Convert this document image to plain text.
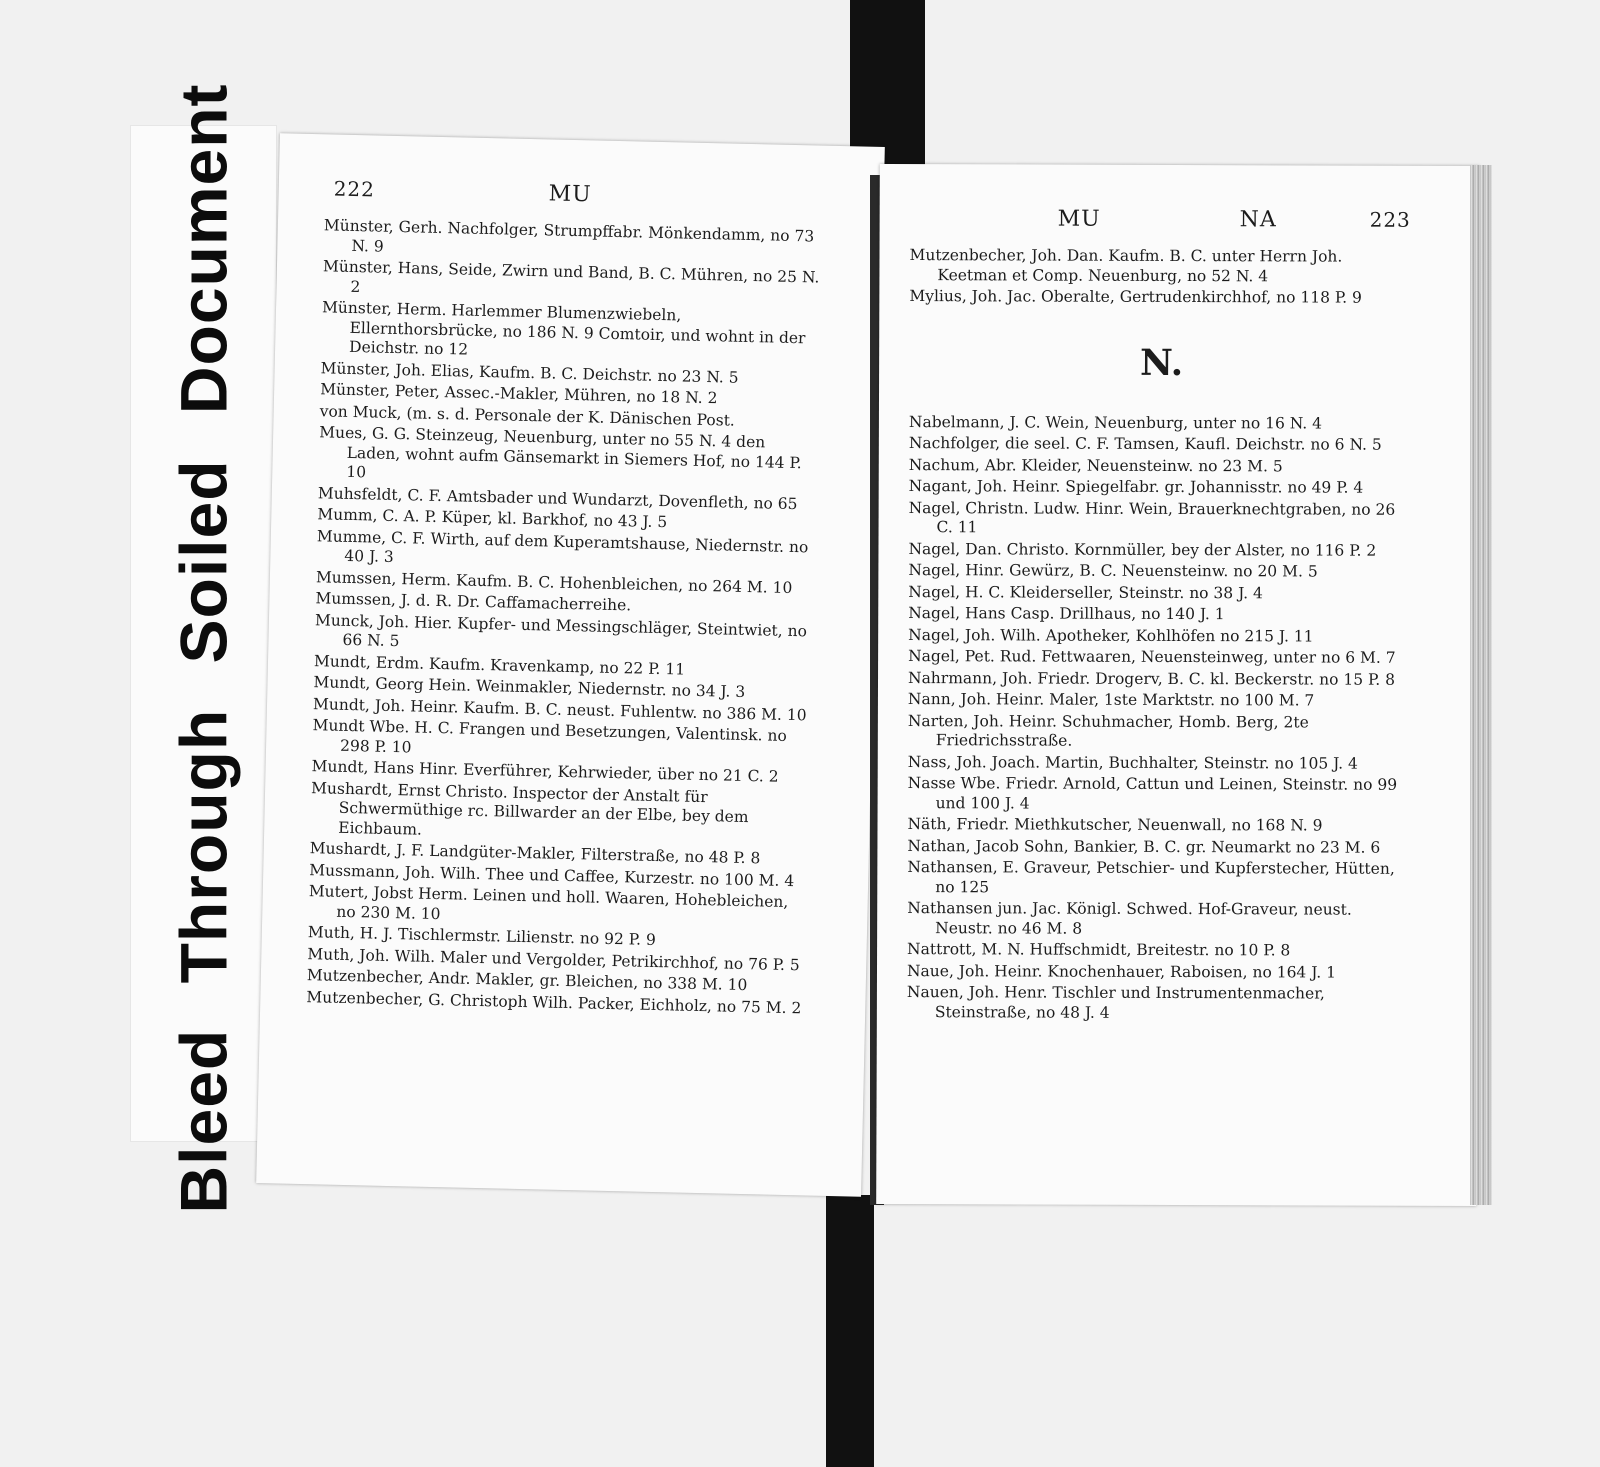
Bleed Through Soiled Document	222	MU
Münster, Gerh. Nachfolger, Strumpffabr. Mönkendamm, no 73 N. 9
Münster, Hans, Seide, Zwirn und Band, B. C. Mühren, no 25 N. 2
Münster, Herm. Harlemmer Blumenzwiebeln, Ellernthorsbrücke, no 186 N. 9 Comtoir, und wohnt in der Deichstr. no 12
Münster, Joh. Elias, Kaufm. B. C. Deichstr. no 23 N. 5
Münster, Peter, Assec.-Makler, Mühren, no 18 N. 2
von Muck, (m. s. d. Personale der K. Dänischen Post.
Mues, G. G. Steinzeug, Neuenburg, unter no 55 N. 4 den Laden, wohnt aufm Gänsemarkt in Siemers Hof, no 144 P. 10
Muhsfeldt, C. F. Amtsbader und Wundarzt, Dovenfleth, no 65
Mumm, C. A. P. Küper, kl. Barkhof, no 43 J. 5
Mumme, C. F. Wirth, auf dem Kuperamtshause, Niedernstr. no 40 J. 3
Mumssen, Herm. Kaufm. B. C. Hohenbleichen, no 264 M. 10
Mumssen, J. d. R. Dr. Caffamacherreihe.
Munck, Joh. Hier. Kupfer- und Messingschläger, Steintwiet, no 66 N. 5
Mundt, Erdm. Kaufm. Kravenkamp, no 22 P. 11
Mundt, Georg Hein. Weinmakler, Niedernstr. no 34 J. 3
Mundt, Joh. Heinr. Kaufm. B. C. neust. Fuhlentw. no 386 M. 10
Mundt Wbe. H. C. Frangen und Besetzungen, Valentinsk. no 298 P. 10
Mundt, Hans Hinr. Everführer, Kehrwieder, über no 21 C. 2
Mushardt, Ernst Christo. Inspector der Anstalt für Schwermüthige rc. Billwarder an der Elbe, bey dem Eichbaum.
Mushardt, J. F. Landgüter-Makler, Filterstraße, no 48 P. 8
Mussmann, Joh. Wilh. Thee und Caffee, Kurzestr. no 100 M. 4
Mutert, Jobst Herm. Leinen und holl. Waaren, Hohebleichen, no 230 M. 10
Muth, H. J. Tischlermstr. Lilienstr. no 92 P. 9
Muth, Joh. Wilh. Maler und Vergolder, Petrikirchhof, no 76 P. 5
Mutzenbecher, Andr. Makler, gr. Bleichen, no 338 M. 10
Mutzenbecher, G. Christoph Wilh. Packer, Eichholz, no 75 M. 2
MU	NA	223
Mutzenbecher, Joh. Dan. Kaufm. B. C. unter Herrn Joh. Keetman et Comp. Neuenburg, no 52 N. 4
Mylius, Joh. Jac. Oberalte, Gertrudenkirchhof, no 118 P. 9
N.
Nabelmann, J. C. Wein, Neuenburg, unter no 16 N. 4
Nachfolger, die seel. C. F. Tamsen, Kaufl. Deichstr. no 6 N. 5
Nachum, Abr. Kleider, Neuensteinw. no 23 M. 5
Nagant, Joh. Heinr. Spiegelfabr. gr. Johannisstr. no 49 P. 4
Nagel, Christn. Ludw. Hinr. Wein, Brauerknechtgraben, no 26 C. 11
Nagel, Dan. Christo. Kornmüller, bey der Alster, no 116 P. 2
Nagel, Hinr. Gewürz, B. C. Neuensteinw. no 20 M. 5
Nagel, H. C. Kleiderseller, Steinstr. no 38 J. 4
Nagel, Hans Casp. Drillhaus, no 140 J. 1
Nagel, Joh. Wilh. Apotheker, Kohlhöfen no 215 J. 11
Nagel, Pet. Rud. Fettwaaren, Neuensteinweg, unter no 6 M. 7
Nahrmann, Joh. Friedr. Drogerv, B. C. kl. Beckerstr. no 15 P. 8
Nann, Joh. Heinr. Maler, 1ste Marktstr. no 100 M. 7
Narten, Joh. Heinr. Schuhmacher, Homb. Berg, 2te Friedrichsstraße.
Nass, Joh. Joach. Martin, Buchhalter, Steinstr. no 105 J. 4
Nasse Wbe. Friedr. Arnold, Cattun und Leinen, Steinstr. no 99 und 100 J. 4
Näth, Friedr. Miethkutscher, Neuenwall, no 168 N. 9
Nathan, Jacob Sohn, Bankier, B. C. gr. Neumarkt no 23 M. 6
Nathansen, E. Graveur, Petschier- und Kupferstecher, Hütten, no 125
Nathansen jun. Jac. Königl. Schwed. Hof-Graveur, neust. Neustr. no 46 M. 8
Nattrott, M. N. Huffschmidt, Breitestr. no 10 P. 8
Naue, Joh. Heinr. Knochenhauer, Raboisen, no 164 J. 1
Nauen, Joh. Henr. Tischler und Instrumentenmacher, Steinstraße, no 48 J. 4
